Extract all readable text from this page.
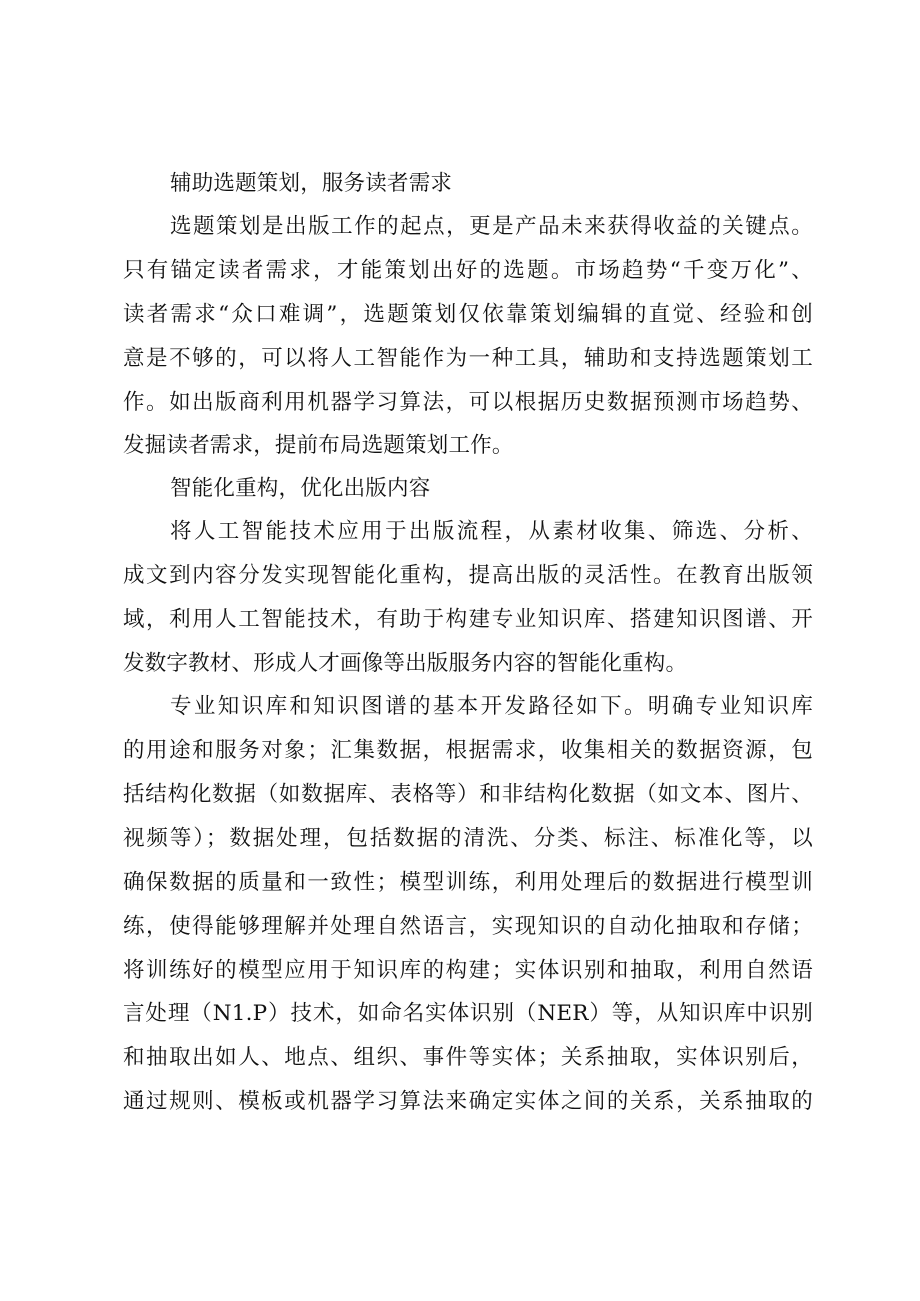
辅助选题策划，服务读者需求
选题策划是出版工作的起点，更是产品未来获得收益的关键点。
只有锚定读者需求，才能策划出好的选题。市场趋势“千变万化”、
读者需求“众口难调”，选题策划仅依靠策划编辑的直觉、经验和创
意是不够的，可以将人工智能作为一种工具，辅助和支持选题策划工
作。如出版商利用机器学习算法，可以根据历史数据预测市场趋势、
发掘读者需求，提前布局选题策划工作。
智能化重构，优化出版内容
将人工智能技术应用于出版流程，从素材收集、筛选、分析、
成文到内容分发实现智能化重构，提高出版的灵活性。在教育出版领
域，利用人工智能技术，有助于构建专业知识库、搭建知识图谱、开
发数字教材、形成人才画像等出版服务内容的智能化重构。
专业知识库和知识图谱的基本开发路径如下。明确专业知识库
的用途和服务对象；汇集数据，根据需求，收集相关的数据资源，包
括结构化数据（如数据库、表格等）和非结构化数据（如文本、图片、
视频等）；数据处理，包括数据的清洗、分类、标注、标准化等，以
确保数据的质量和一致性；模型训练，利用处理后的数据进行模型训
练，使得能够理解并处理自然语言，实现知识的自动化抽取和存储；
将训练好的模型应用于知识库的构建；实体识别和抽取，利用自然语
言处理（N1.P）技术，如命名实体识别（NER）等，从知识库中识别
和抽取出如人、地点、组织、事件等实体；关系抽取，实体识别后，
通过规则、模板或机器学习算法来确定实体之间的关系，关系抽取的
